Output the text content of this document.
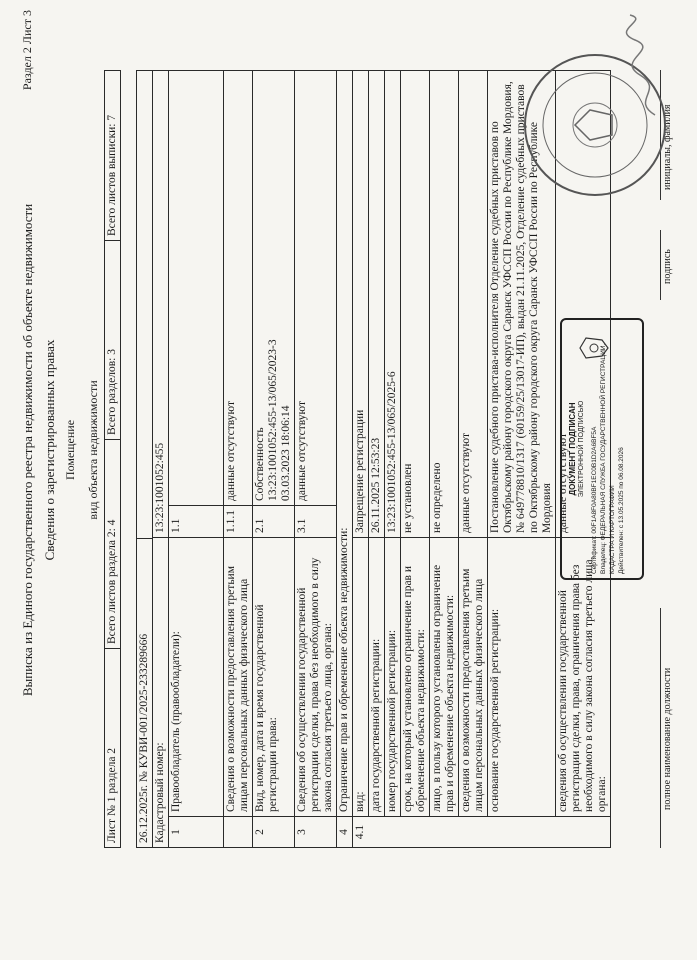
Раздел 2 Лист 3
Выписка из Единого государственного реестра недвижимости об объекте недвижимости Сведения о зарегистрированных правах Помещение вид объекта недвижимости
Лист № 1 раздела 2	Всего листов раздела 2: 4	Всего разделов: 3	Всего листов выписки: 7
26.12.2025г. № КУВИ-001/2025-233289666	Кадастровый номер:		13:23:1001052:455	
1	Правообладатель (правообладатели):	1.1	
	Сведения о возможности предоставления третьим лицам персональных данных физического лица	1.1.1	данные отсутствуют
2	Вид, номер, дата и время государственной регистрации права:	2.1	Собственность
13:23:1001052:455-13/065/2023-3
03.03.2023 18:06:14
3	Сведения об осуществлении государственной регистрации сделки, права без необходимого в силу закона согласия третьего лица, органа:	3.1	данные отсутствуют
4	Ограничение прав и обременение объекта недвижимости:		
4.1	вид:	Запрещение регистрации	
	дата государственной регистрации:	26.11.2025 12:53:23	
	номер государственной регистрации:	13:23:1001052:455-13/065/2025-6	
	срок, на который установлено ограничение прав и обременение объекта недвижимости:	не установлен	
	лицо, в пользу которого установлены ограничение прав и обременение объекта недвижимости:	не определено	
	сведения о возможности предоставления третьим лицам персональных данных физического лица	данные отсутствуют	
	основание государственной регистрации:	Постановление судебного пристава-исполнителя Отделение судебных приставов по Октябрьскому району городского округа Саранск УФССП России по Республике Мордовия, № 649778810/1317 (60159/25/13017-ИП), выдан 21.11.2025, Отделение судебных приставов по Октябрьскому району городского округа Саранск УФССП России по Республике Мордовия	
	сведения об осуществлении государственной регистрации сделки, права, ограничения права без необходимого в силу закона согласия третьего лица, органа:	данные отсутствуют	ДОКУМЕНТ ПОДПИСАН ЭЛЕКТРОННОЙ ПОДПИСЬЮ Сертификат: 00F1A8F0A80BF1EC0B1D2A6BF5A Владелец: ФЕДЕРАЛЬНАЯ СЛУЖБА ГОСУДАРСТВЕННОЙ РЕГИСТРАЦИИ, КАДАСТРА И КАРТОГРАФИИ Действителен: с 13.05.2025 по 06.08.2026
полное наименование должности
подпись
инициалы, фамилия
